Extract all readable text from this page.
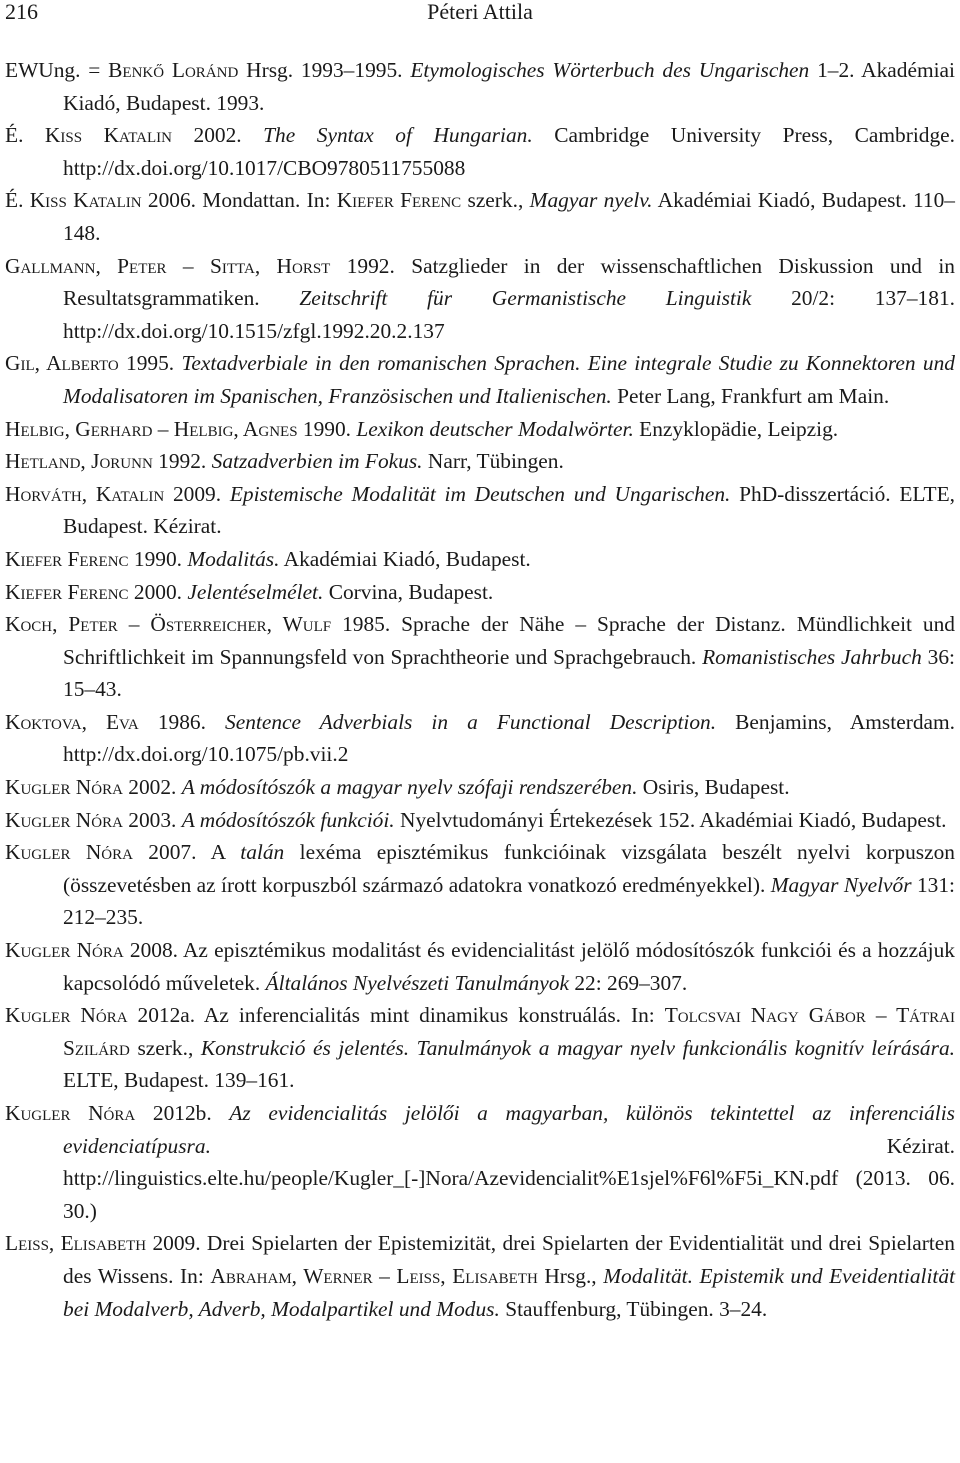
216	Péteri Attila
EWUng. = Benkő Loránd Hrsg. 1993–1995. Etymologisches Wörterbuch des Ungarischen 1–2. Akadémiai Kiadó, Budapest. 1993.
É. Kiss Katalin 2002. The Syntax of Hungarian. Cambridge University Press, Cambridge. http://dx.doi.org/10.1017/CBO9780511755088
É. Kiss Katalin 2006. Mondattan. In: Kiefer Ferenc szerk., Magyar nyelv. Akadémiai Kiadó, Budapest. 110–148.
Gallmann, Peter – Sitta, Horst 1992. Satzglieder in der wissenschaftlichen Diskussion und in Resultatsgrammatiken. Zeitschrift für Germanistische Linguistik 20/2: 137–181. http://dx.doi.org/10.1515/zfgl.1992.20.2.137
Gil, Alberto 1995. Textadverbiale in den romanischen Sprachen. Eine integrale Studie zu Konnektoren und Modalisatoren im Spanischen, Französischen und Italienischen. Peter Lang, Frankfurt am Main.
Helbig, Gerhard – Helbig, Agnes 1990. Lexikon deutscher Modalwörter. Enzyklopädie, Leipzig.
Hetland, Jorunn 1992. Satzadverbien im Fokus. Narr, Tübingen.
Horváth, Katalin 2009. Epistemische Modalität im Deutschen und Ungarischen. PhD-disszertáció. ELTE, Budapest. Kézirat.
Kiefer Ferenc 1990. Modalitás. Akadémiai Kiadó, Budapest.
Kiefer Ferenc 2000. Jelentéselmélet. Corvina, Budapest.
Koch, Peter – Österreicher, Wulf 1985. Sprache der Nähe – Sprache der Distanz. Mündlichkeit und Schriftlichkeit im Spannungsfeld von Sprachtheorie und Sprachgebrauch. Romanistisches Jahrbuch 36: 15–43.
Koktova, Eva 1986. Sentence Adverbials in a Functional Description. Benjamins, Amsterdam. http://dx.doi.org/10.1075/pb.vii.2
Kugler Nóra 2002. A módosítószók a magyar nyelv szófaji rendszerében. Osiris, Budapest.
Kugler Nóra 2003. A módosítószók funkciói. Nyelvtudományi Értekezések 152. Akadémiai Kiadó, Budapest.
Kugler Nóra 2007. A talán lexéma episztémikus funkcióinak vizsgálata beszélt nyelvi korpuszon (összevetésben az írott korpuszból származó adatokra vonatkozó eredményekkel). Magyar Nyelvőr 131: 212–235.
Kugler Nóra 2008. Az episztémikus modalitást és evidencialitást jelölő módosítószók funkciói és a hozzájuk kapcsolódó műveletek. Általános Nyelvészeti Tanulmányok 22: 269–307.
Kugler Nóra 2012a. Az inferencialitás mint dinamikus konstruálás. In: Tolcsvai Nagy Gábor – Tátrai Szilárd szerk., Konstrukció és jelentés. Tanulmányok a magyar nyelv funkcionális kognitív leírására. ELTE, Budapest. 139–161.
Kugler Nóra 2012b. Az evidencialitás jelölői a magyarban, különös tekintettel az inferenciális evidenciatípusra. Kézirat. http://linguistics.elte.hu/people/Kugler_[-]Nora/Azevidencialit%E1sjel%F6l%F5i_KN.pdf (2013. 06. 30.)
Leiss, Elisabeth 2009. Drei Spielarten der Epistemizität, drei Spielarten der Evidentialität und drei Spielarten des Wissens. In: Abraham, Werner – Leiss, Elisabeth Hrsg., Modalität. Epistemik und Eveidentialität bei Modalverb, Adverb, Modalpartikel und Modus. Stauffenburg, Tübingen. 3–24.
